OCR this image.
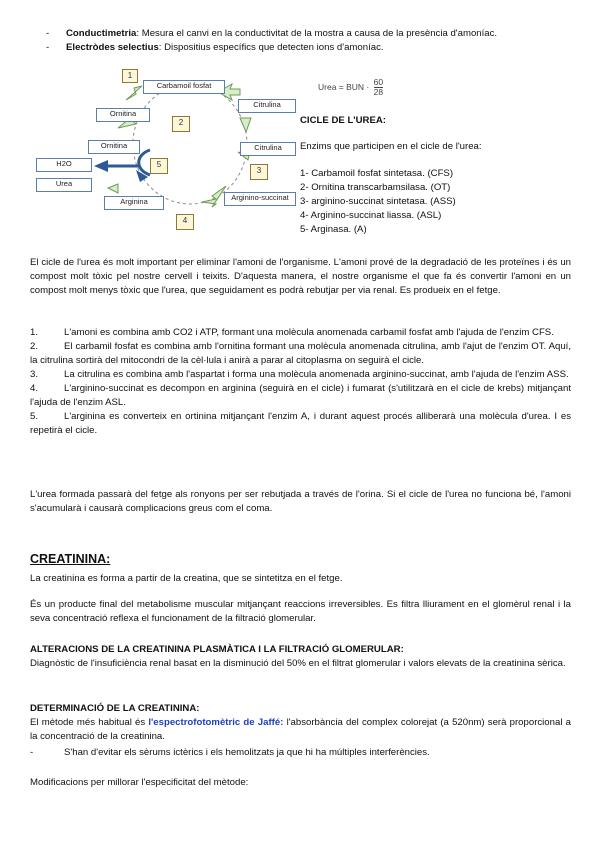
- Conductimetria: Mesura el canvi en la conductivitat de la mostra a causa de la presència d'amoníac.
- Electròdes selectius: Dispositius específics que detecten ions d'amoníac.
1
Carbamoil fosfat
Citrulina
Ornitina
2
Ornitina	Citrulina
H2O	5
3
Urea
Arginino-succinat
Arginina
4
Urea = BUN · $\frac{60}{28}$
CICLE DE L'UREA:
Enzims que participen en el cicle de l'urea:
1- Carbamoil fosfat sintetasa. (CFS)
2- Ornitina transcarbamsilasa. (OT)
3- arginino-succinat sintetasa. (ASS)
4- Arginino-succinat liassa. (ASL)
5- Arginasa. (A)
El cicle de l'urea és molt important per eliminar l'amoni de l'organisme. L'amoni prové de la degradació de les proteïnes i és un compost molt tòxic pel nostre cervell i teixits. D'aquesta manera, el nostre organisme el que fa és convertir l'amoni en un compost molt menys tòxic que l'urea, que seguidament es podrà rebutjar per via renal. Es produeix en el fetge.
1.	L'amoni es combina amb CO2 i ATP, formant una molècula anomenada carbamil fosfat amb l'ajuda de l'enzim CFS.
2.	El carbamil fosfat es combina amb l'ornitina formant una molècula anomenada citrulina, amb l'ajut de l'enzim OT. Aquí, la citrulina sortirà del mitocondri de la cèl·lula i anirà a parar al citoplasma on seguirà el cicle.
3.	La citrulina es combina amb l'aspartat i forma una molècula anomenada arginino-succinat, amb l'ajuda de l'enzim ASS.
4.	L'arginino-succinat es decompon en arginina (seguirà en el cicle) i fumarat (s'utilitzarà en el cicle de krebs) mitjançant l'ajuda de l'enzim ASL.
5.	L'arginina es converteix en ortinina mitjançant l'enzim A, i durant aquest procés alliberarà una molècula d'urea. I es repetirà el cicle.
L'urea formada passarà del fetge als ronyons per ser rebutjada a través de l'orina. Si el cicle de l'urea no funciona bé, l'amoni s'acumularà i causarà complicacions greus com el coma.
CREATININA:
La creatinina es forma a partir de la creatina, que se sintetitza en el fetge.
És un producte final del metabolisme muscular mitjançant reaccions irreversibles. Es filtra lliurament en el glomèrul renal i la seva concentració reflexa el funcionament de la filtració glomerular.
ALTERACIONS DE LA CREATININA PLASMÀTICA I LA FILTRACIÓ GLOMERULAR:
Diagnòstic de l'insuficiència renal basat en la disminució del 50% en el filtrat glomerular i valors elevats de la creatinina sèrica.
DETERMINACIÓ DE LA CREATININA:
El mètode més habitual és l'espectrofotomètric de Jaffé: l'absorbància del complex colorejat (a 520nm) serà proporcional a la concentració de la creatinina.
-	S'han d'evitar els sèrums ictèrics i els hemolitzats ja que hi ha múltiples interferències.
Modificacions per millorar l'especificitat del mètode:
